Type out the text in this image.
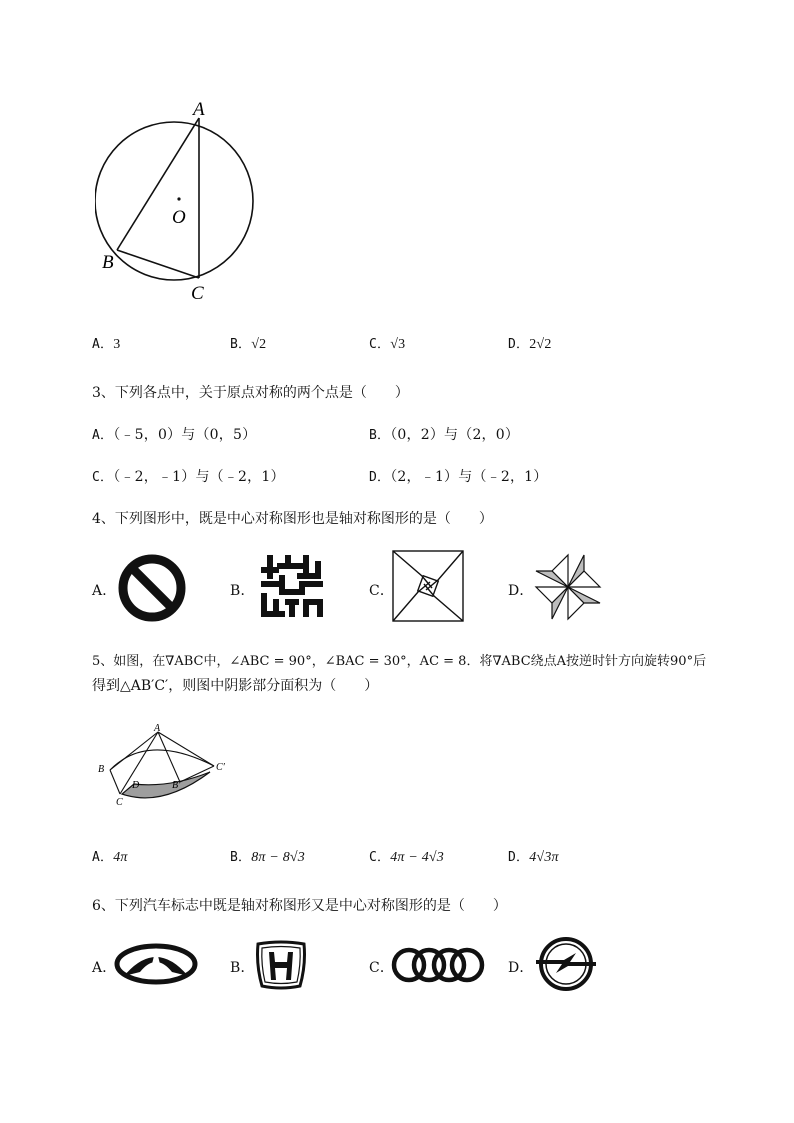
A
O
B
C
A．3	B．√2	C．√3	D．2√2
3、下列各点中，关于原点对称的两个点是（　　）
A．（﹣5，0）与（0，5）	B．（0，2）与（2，0）
C．（﹣2，﹣1）与（﹣2，1）	D．（2，﹣1）与（﹣2，1）
4、下列图形中，既是中心对称图形也是轴对称图形的是（　　）
A．	B．	C．	D．
5、如图，在∇ABC中，∠ABC = 90°，∠BAC = 30°，AC = 8．将∇ABC绕点A按逆时针方向旋转90°后
得到△AB′C′，则图中阴影部分面积为（　　）
A
B
C
D	B′
C′
A．4π	B．8π − 8√3	C．4π − 4√3	D．4√3π
6、下列汽车标志中既是轴对称图形又是中心对称图形的是（　　）
A．	B．	C．	D．
